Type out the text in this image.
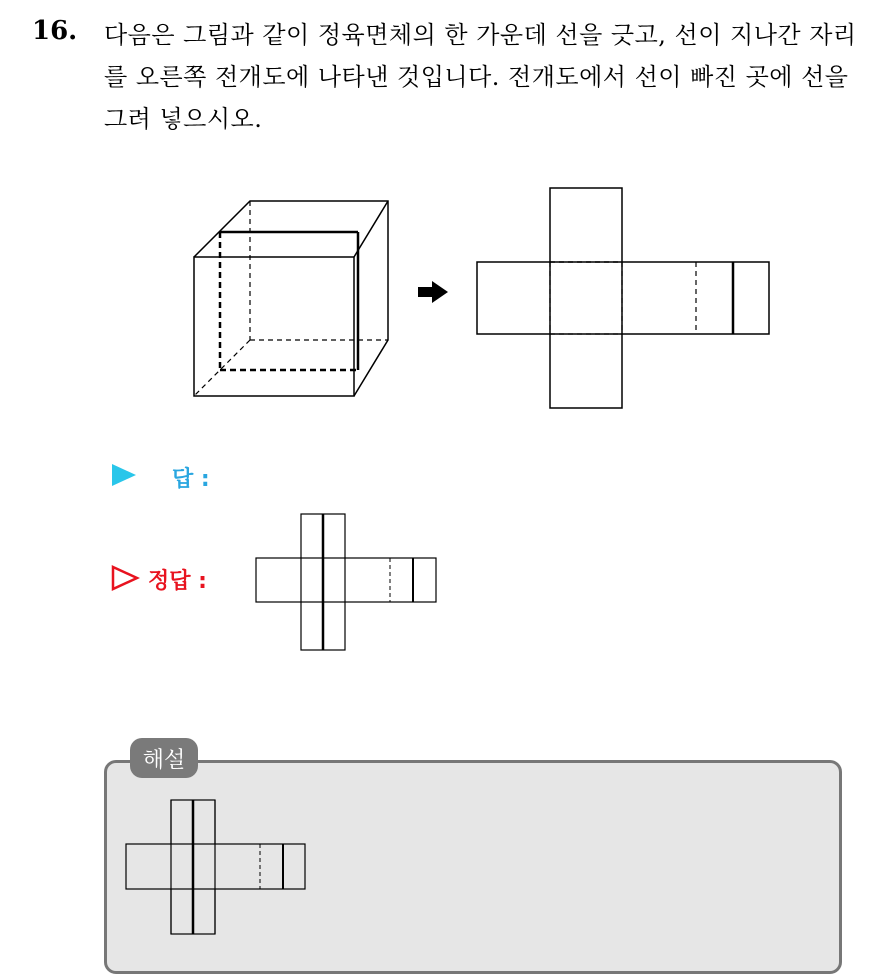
16. 다음은 그림과 같이 정육면체의 한 가운데 선을 긋고, 선이 지나간 자리를 오른쪽 전개도에 나타낸 것입니다. 전개도에서 선이 빠진 곳에 선을 그려 넣으시오.
답 :
정답 :
해설
